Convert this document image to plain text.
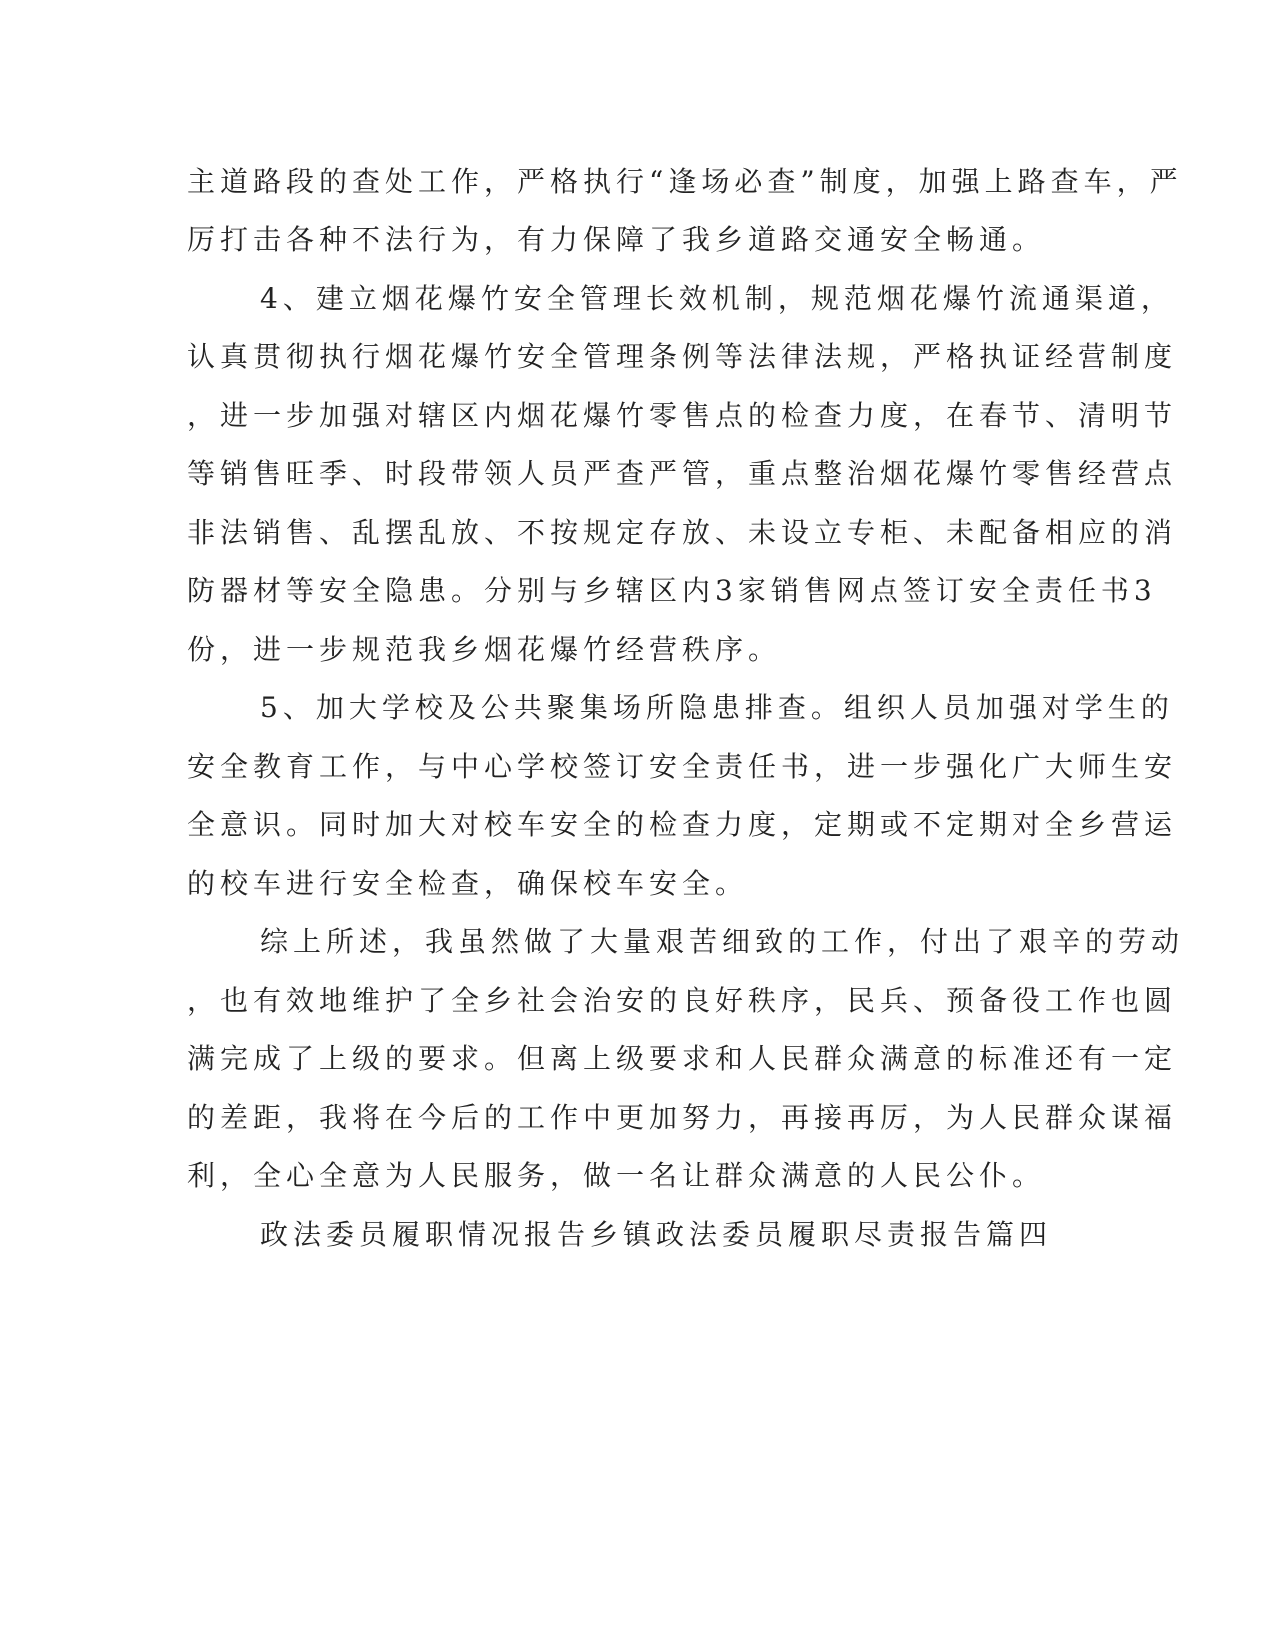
主道路段的查处工作，严格执行“逢场必查”制度，加强上路查车，严

厉打击各种不法行为，有力保障了我乡道路交通安全畅通。

4、建立烟花爆竹安全管理长效机制，规范烟花爆竹流通渠道，

认真贯彻执行烟花爆竹安全管理条例等法律法规，严格执证经营制度

，进一步加强对辖区内烟花爆竹零售点的检查力度，在春节、清明节

等销售旺季、时段带领人员严查严管，重点整治烟花爆竹零售经营点

非法销售、乱摆乱放、不按规定存放、未设立专柜、未配备相应的消

防器材等安全隐患。分别与乡辖区内3家销售网点签订安全责任书3

份，进一步规范我乡烟花爆竹经营秩序。

5、加大学校及公共聚集场所隐患排查。组织人员加强对学生的

安全教育工作，与中心学校签订安全责任书，进一步强化广大师生安

全意识。同时加大对校车安全的检查力度，定期或不定期对全乡营运

的校车进行安全检查，确保校车安全。

综上所述，我虽然做了大量艰苦细致的工作，付出了艰辛的劳动

，也有效地维护了全乡社会治安的良好秩序，民兵、预备役工作也圆

满完成了上级的要求。但离上级要求和人民群众满意的标准还有一定

的差距，我将在今后的工作中更加努力，再接再厉，为人民群众谋福

利，全心全意为人民服务，做一名让群众满意的人民公仆。

政法委员履职情况报告乡镇政法委员履职尽责报告篇四
